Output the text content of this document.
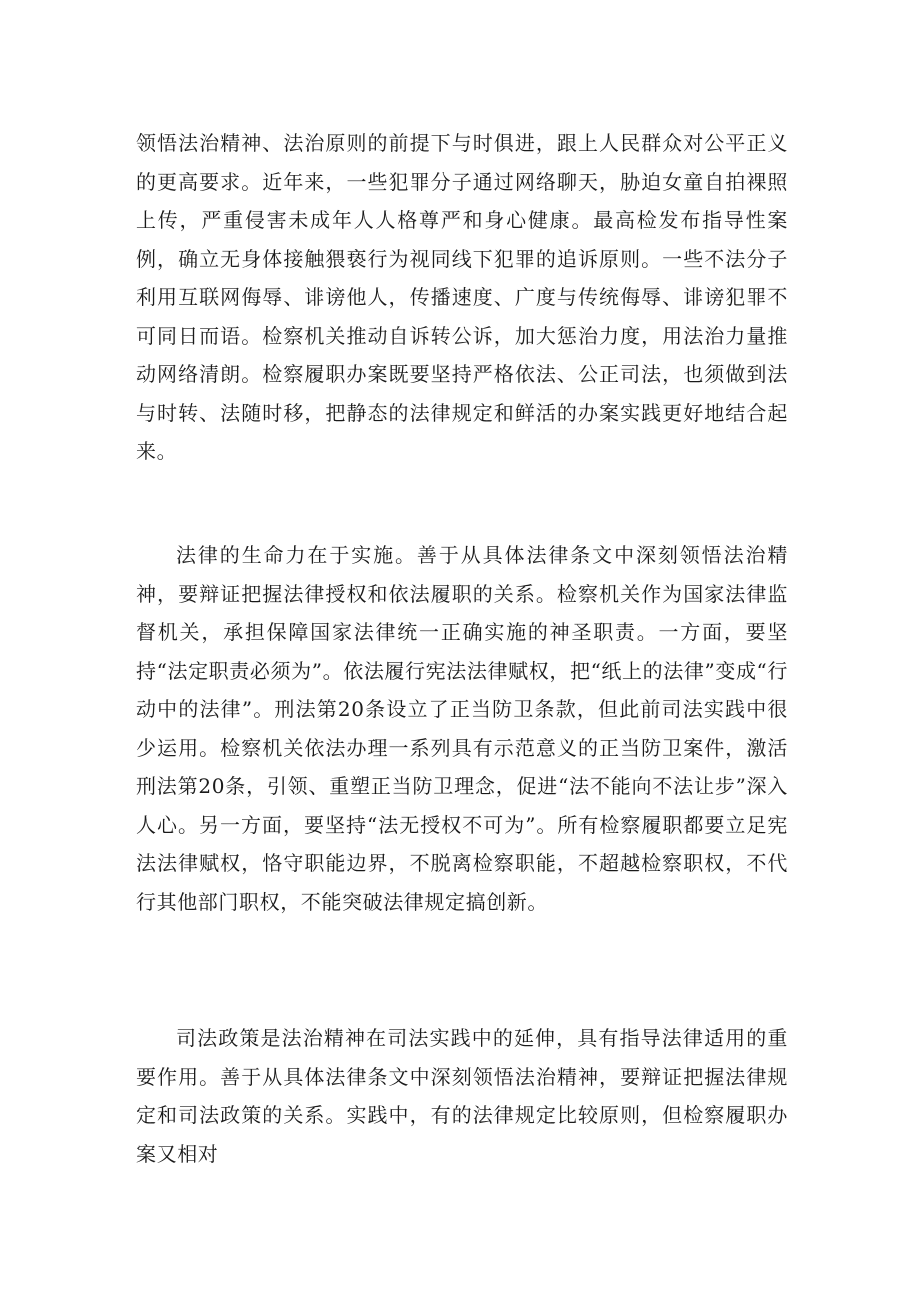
领悟法治精神、法治原则的前提下与时俱进，跟上人民群众对公平正义的更高要求。近年来，一些犯罪分子通过网络聊天，胁迫女童自拍裸照上传，严重侵害未成年人人格尊严和身心健康。最高检发布指导性案例，确立无身体接触猥亵行为视同线下犯罪的追诉原则。一些不法分子利用互联网侮辱、诽谤他人，传播速度、广度与传统侮辱、诽谤犯罪不可同日而语。检察机关推动自诉转公诉，加大惩治力度，用法治力量推动网络清朗。检察履职办案既要坚持严格依法、公正司法，也须做到法与时转、法随时移，把静态的法律规定和鲜活的办案实践更好地结合起来。

法律的生命力在于实施。善于从具体法律条文中深刻领悟法治精神，要辩证把握法律授权和依法履职的关系。检察机关作为国家法律监督机关，承担保障国家法律统一正确实施的神圣职责。一方面，要坚持“法定职责必须为”。依法履行宪法法律赋权，把“纸上的法律”变成“行动中的法律”。刑法第20条设立了正当防卫条款，但此前司法实践中很少运用。检察机关依法办理一系列具有示范意义的正当防卫案件，激活刑法第20条，引领、重塑正当防卫理念，促进“法不能向不法让步”深入人心。另一方面，要坚持“法无授权不可为”。所有检察履职都要立足宪法法律赋权，恪守职能边界，不脱离检察职能，不超越检察职权，不代行其他部门职权，不能突破法律规定搞创新。

司法政策是法治精神在司法实践中的延伸，具有指导法律适用的重要作用。善于从具体法律条文中深刻领悟法治精神，要辩证把握法律规定和司法政策的关系。实践中，有的法律规定比较原则，但检察履职办案又相对
